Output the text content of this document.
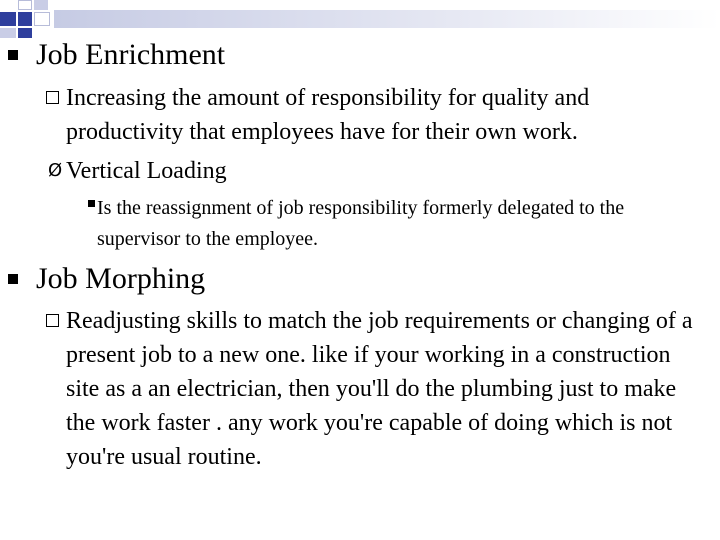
Job Enrichment
Increasing the amount of responsibility for quality and productivity that employees have for their own work.
Ø Vertical Loading
Is the reassignment of job responsibility formerly delegated to the supervisor to the employee.
Job Morphing
Readjusting skills to match the job requirements or changing of a present job to a new one. like if your working in a construction site as a an electrician, then you'll do the plumbing just to make the work faster . any work you're capable of doing which is not you're usual routine.
